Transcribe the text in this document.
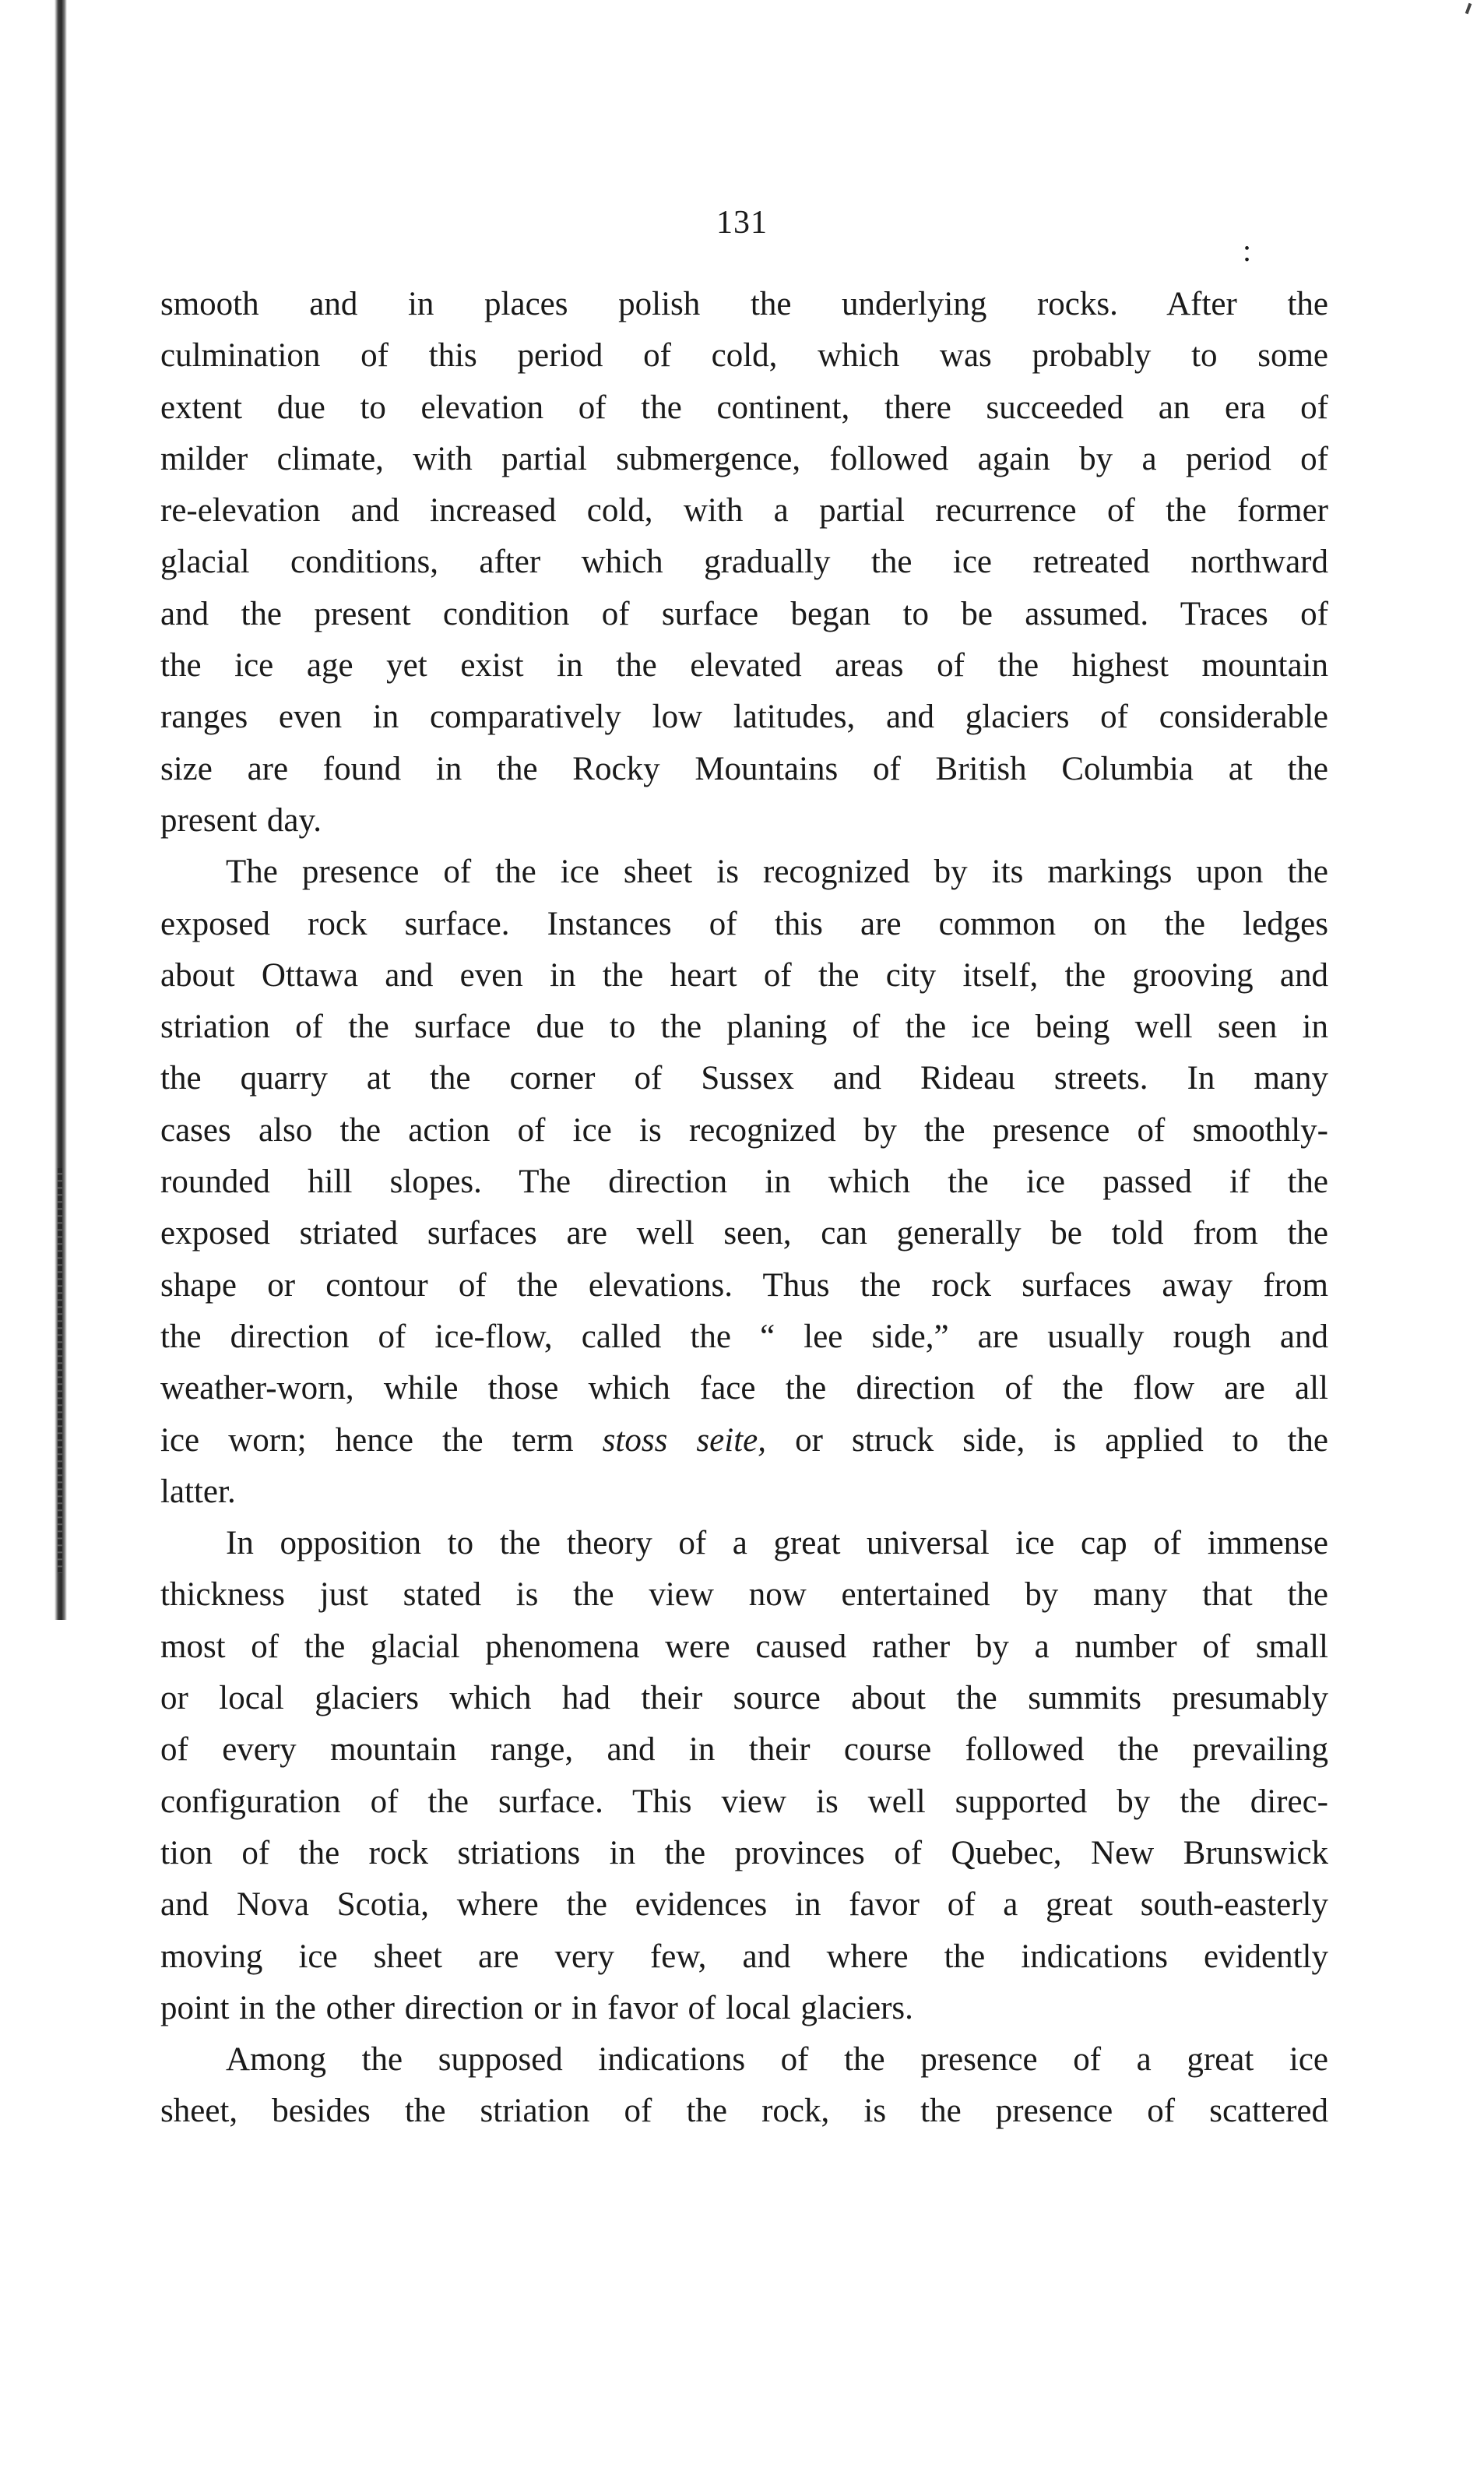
131
:
smooth and in places polish the underlying rocks. After the
culmination of this period of cold, which was probably to some
extent due to elevation of the continent, there succeeded an era of
milder climate, with partial submergence, followed again by a period of
re-elevation and increased cold, with a partial recurrence of the former
glacial conditions, after which gradually the ice retreated northward
and the present condition of surface began to be assumed. Traces of
the ice age yet exist in the elevated areas of the highest mountain
ranges even in comparatively low latitudes, and glaciers of considerable
size are found in the Rocky Mountains of British Columbia at the
present day.
The presence of the ice sheet is recognized by its markings upon the
exposed rock surface. Instances of this are common on the ledges
about Ottawa and even in the heart of the city itself, the grooving and
striation of the surface due to the planing of the ice being well seen in
the quarry at the corner of Sussex and Rideau streets. In many
cases also the action of ice is recognized by the presence of smoothly-
rounded hill slopes. The direction in which the ice passed if the
exposed striated surfaces are well seen, can generally be told from the
shape or contour of the elevations. Thus the rock surfaces away from
the direction of ice-flow, called the “ lee side,” are usually rough and
weather-worn, while those which face the direction of the flow are all
ice worn; hence the term stoss seite, or struck side, is applied to the
latter.
In opposition to the theory of a great universal ice cap of immense
thickness just stated is the view now entertained by many that the
most of the glacial phenomena were caused rather by a number of small
or local glaciers which had their source about the summits presumably
of every mountain range, and in their course followed the prevailing
configuration of the surface. This view is well supported by the direc-
tion of the rock striations in the provinces of Quebec, New Brunswick
and Nova Scotia, where the evidences in favor of a great south-easterly
moving ice sheet are very few, and where the indications evidently
point in the other direction or in favor of local glaciers.
Among the supposed indications of the presence of a great ice
sheet, besides the striation of the rock, is the presence of scattered
